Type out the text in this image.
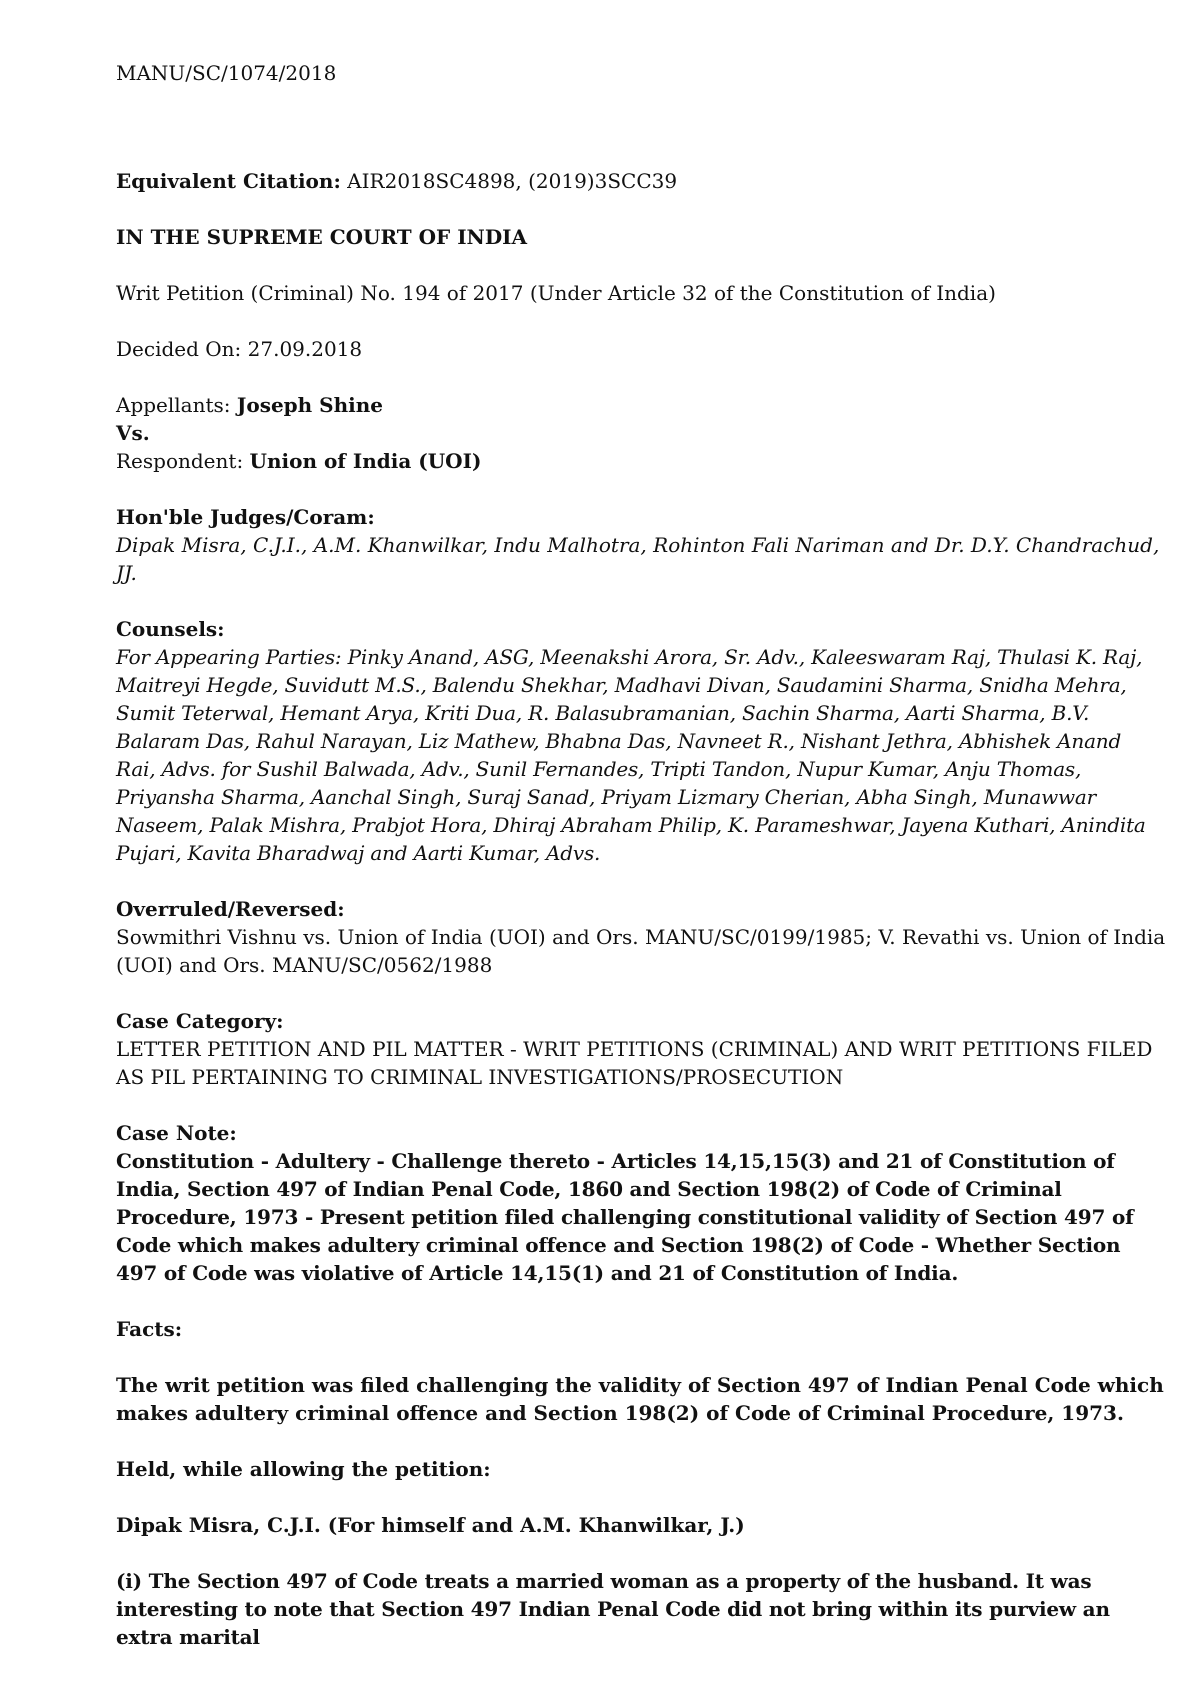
MANU/SC/1074/2018

Equivalent Citation: AIR2018SC4898, (2019)3SCC39

IN THE SUPREME COURT OF INDIA

Writ Petition (Criminal) No. 194 of 2017 (Under Article 32 of the Constitution of India)

Decided On: 27.09.2018

Appellants: Joseph Shine

Vs.

Respondent: Union of India (UOI)

Hon'ble Judges/Coram:

Dipak Misra, C.J.I., A.M. Khanwilkar, Indu Malhotra, Rohinton Fali Nariman and Dr. D.Y. Chandrachud, JJ.

Counsels:

For Appearing Parties: Pinky Anand, ASG, Meenakshi Arora, Sr. Adv., Kaleeswaram Raj, Thulasi K. Raj, Maitreyi Hegde, Suvidutt M.S., Balendu Shekhar, Madhavi Divan, Saudamini Sharma, Snidha Mehra, Sumit Teterwal, Hemant Arya, Kriti Dua, R. Balasubramanian, Sachin Sharma, Aarti Sharma, B.V. Balaram Das, Rahul Narayan, Liz Mathew, Bhabna Das, Navneet R., Nishant Jethra, Abhishek Anand Rai, Advs. for Sushil Balwada, Adv., Sunil Fernandes, Tripti Tandon, Nupur Kumar, Anju Thomas, Priyansha Sharma, Aanchal Singh, Suraj Sanad, Priyam Lizmary Cherian, Abha Singh, Munawwar Naseem, Palak Mishra, Prabjot Hora, Dhiraj Abraham Philip, K. Parameshwar, Jayena Kuthari, Anindita Pujari, Kavita Bharadwaj and Aarti Kumar, Advs.

Overruled/Reversed:

Sowmithri Vishnu vs. Union of India (UOI) and Ors. MANU/SC/0199/1985; V. Revathi vs. Union of India (UOI) and Ors. MANU/SC/0562/1988

Case Category:

LETTER PETITION AND PIL MATTER - WRIT PETITIONS (CRIMINAL) AND WRIT PETITIONS FILED AS PIL PERTAINING TO CRIMINAL INVESTIGATIONS/PROSECUTION

Case Note:

Constitution - Adultery - Challenge thereto - Articles 14,15,15(3) and 21 of Constitution of India, Section 497 of Indian Penal Code, 1860 and Section 198(2) of Code of Criminal Procedure, 1973 - Present petition filed challenging constitutional validity of Section 497 of Code which makes adultery criminal offence and Section 198(2) of Code - Whether Section 497 of Code was violative of Article 14,15(1) and 21 of Constitution of India.

Facts:

The writ petition was filed challenging the validity of Section 497 of Indian Penal Code which makes adultery criminal offence and Section 198(2) of Code of Criminal Procedure, 1973.

Held, while allowing the petition:

Dipak Misra, C.J.I. (For himself and A.M. Khanwilkar, J.)

(i) The Section 497 of Code treats a married woman as a property of the husband. It was interesting to note that Section 497 Indian Penal Code did not bring within its purview an extra marital
